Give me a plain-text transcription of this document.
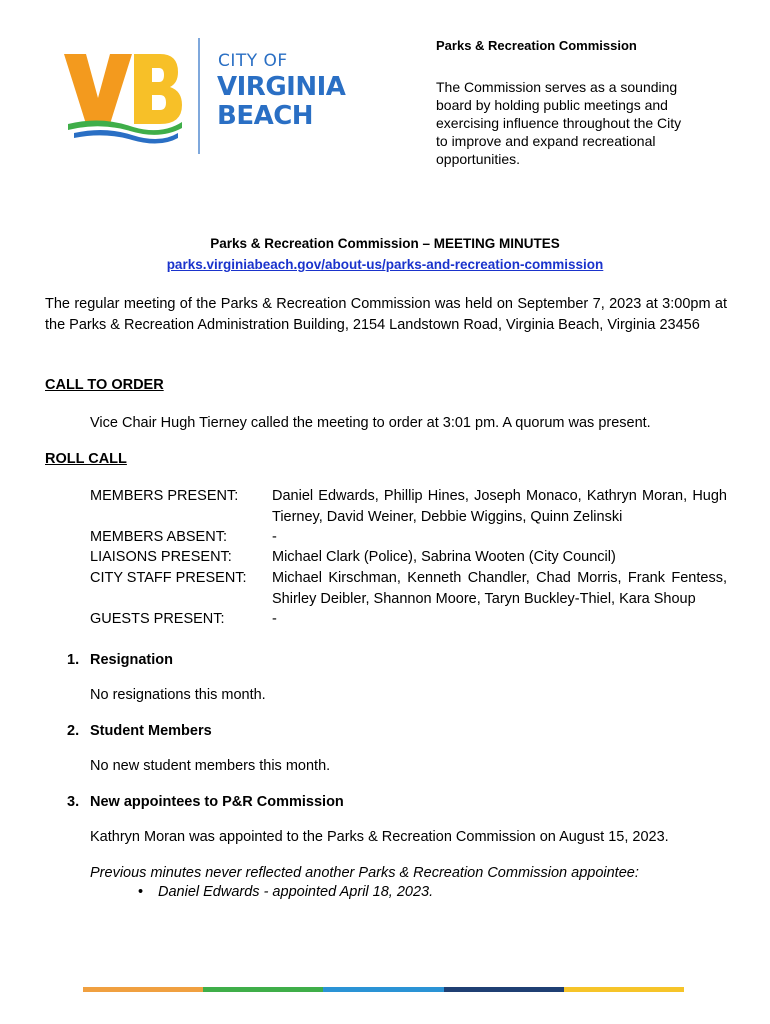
CITY OF
VIRGINIA
BEACH
Parks & Recreation Commission
The Commission serves as a sounding board by holding public meetings and exercising influence throughout the City to improve and expand recreational opportunities.
Parks & Recreation Commission – MEETING MINUTES
parks.virginiabeach.gov/about-us/parks-and-recreation-commission
The regular meeting of the Parks & Recreation Commission was held on September 7, 2023 at 3:00pm at the Parks & Recreation Administration Building, 2154 Landstown Road, Virginia Beach, Virginia 23456
CALL TO ORDER
Vice Chair Hugh Tierney called the meeting to order at 3:01 pm. A quorum was present.
ROLL CALL
MEMBERS PRESENT: Daniel Edwards, Phillip Hines, Joseph Monaco, Kathryn Moran, Hugh Tierney, David Weiner, Debbie Wiggins, Quinn Zelinski
MEMBERS ABSENT:	-
LIAISONS PRESENT:	Michael Clark (Police), Sabrina Wooten (City Council)
CITY STAFF PRESENT: Michael Kirschman, Kenneth Chandler, Chad Morris, Frank Fentess, Shirley Deibler, Shannon Moore, Taryn Buckley-Thiel, Kara Shoup
GUESTS PRESENT:	-
1. Resignation
No resignations this month.
2. Student Members
No new student members this month.
3. New appointees to P&R Commission
Kathryn Moran was appointed to the Parks & Recreation Commission on August 15, 2023.
Previous minutes never reflected another Parks & Recreation Commission appointee:
• Daniel Edwards - appointed April 18, 2023.
